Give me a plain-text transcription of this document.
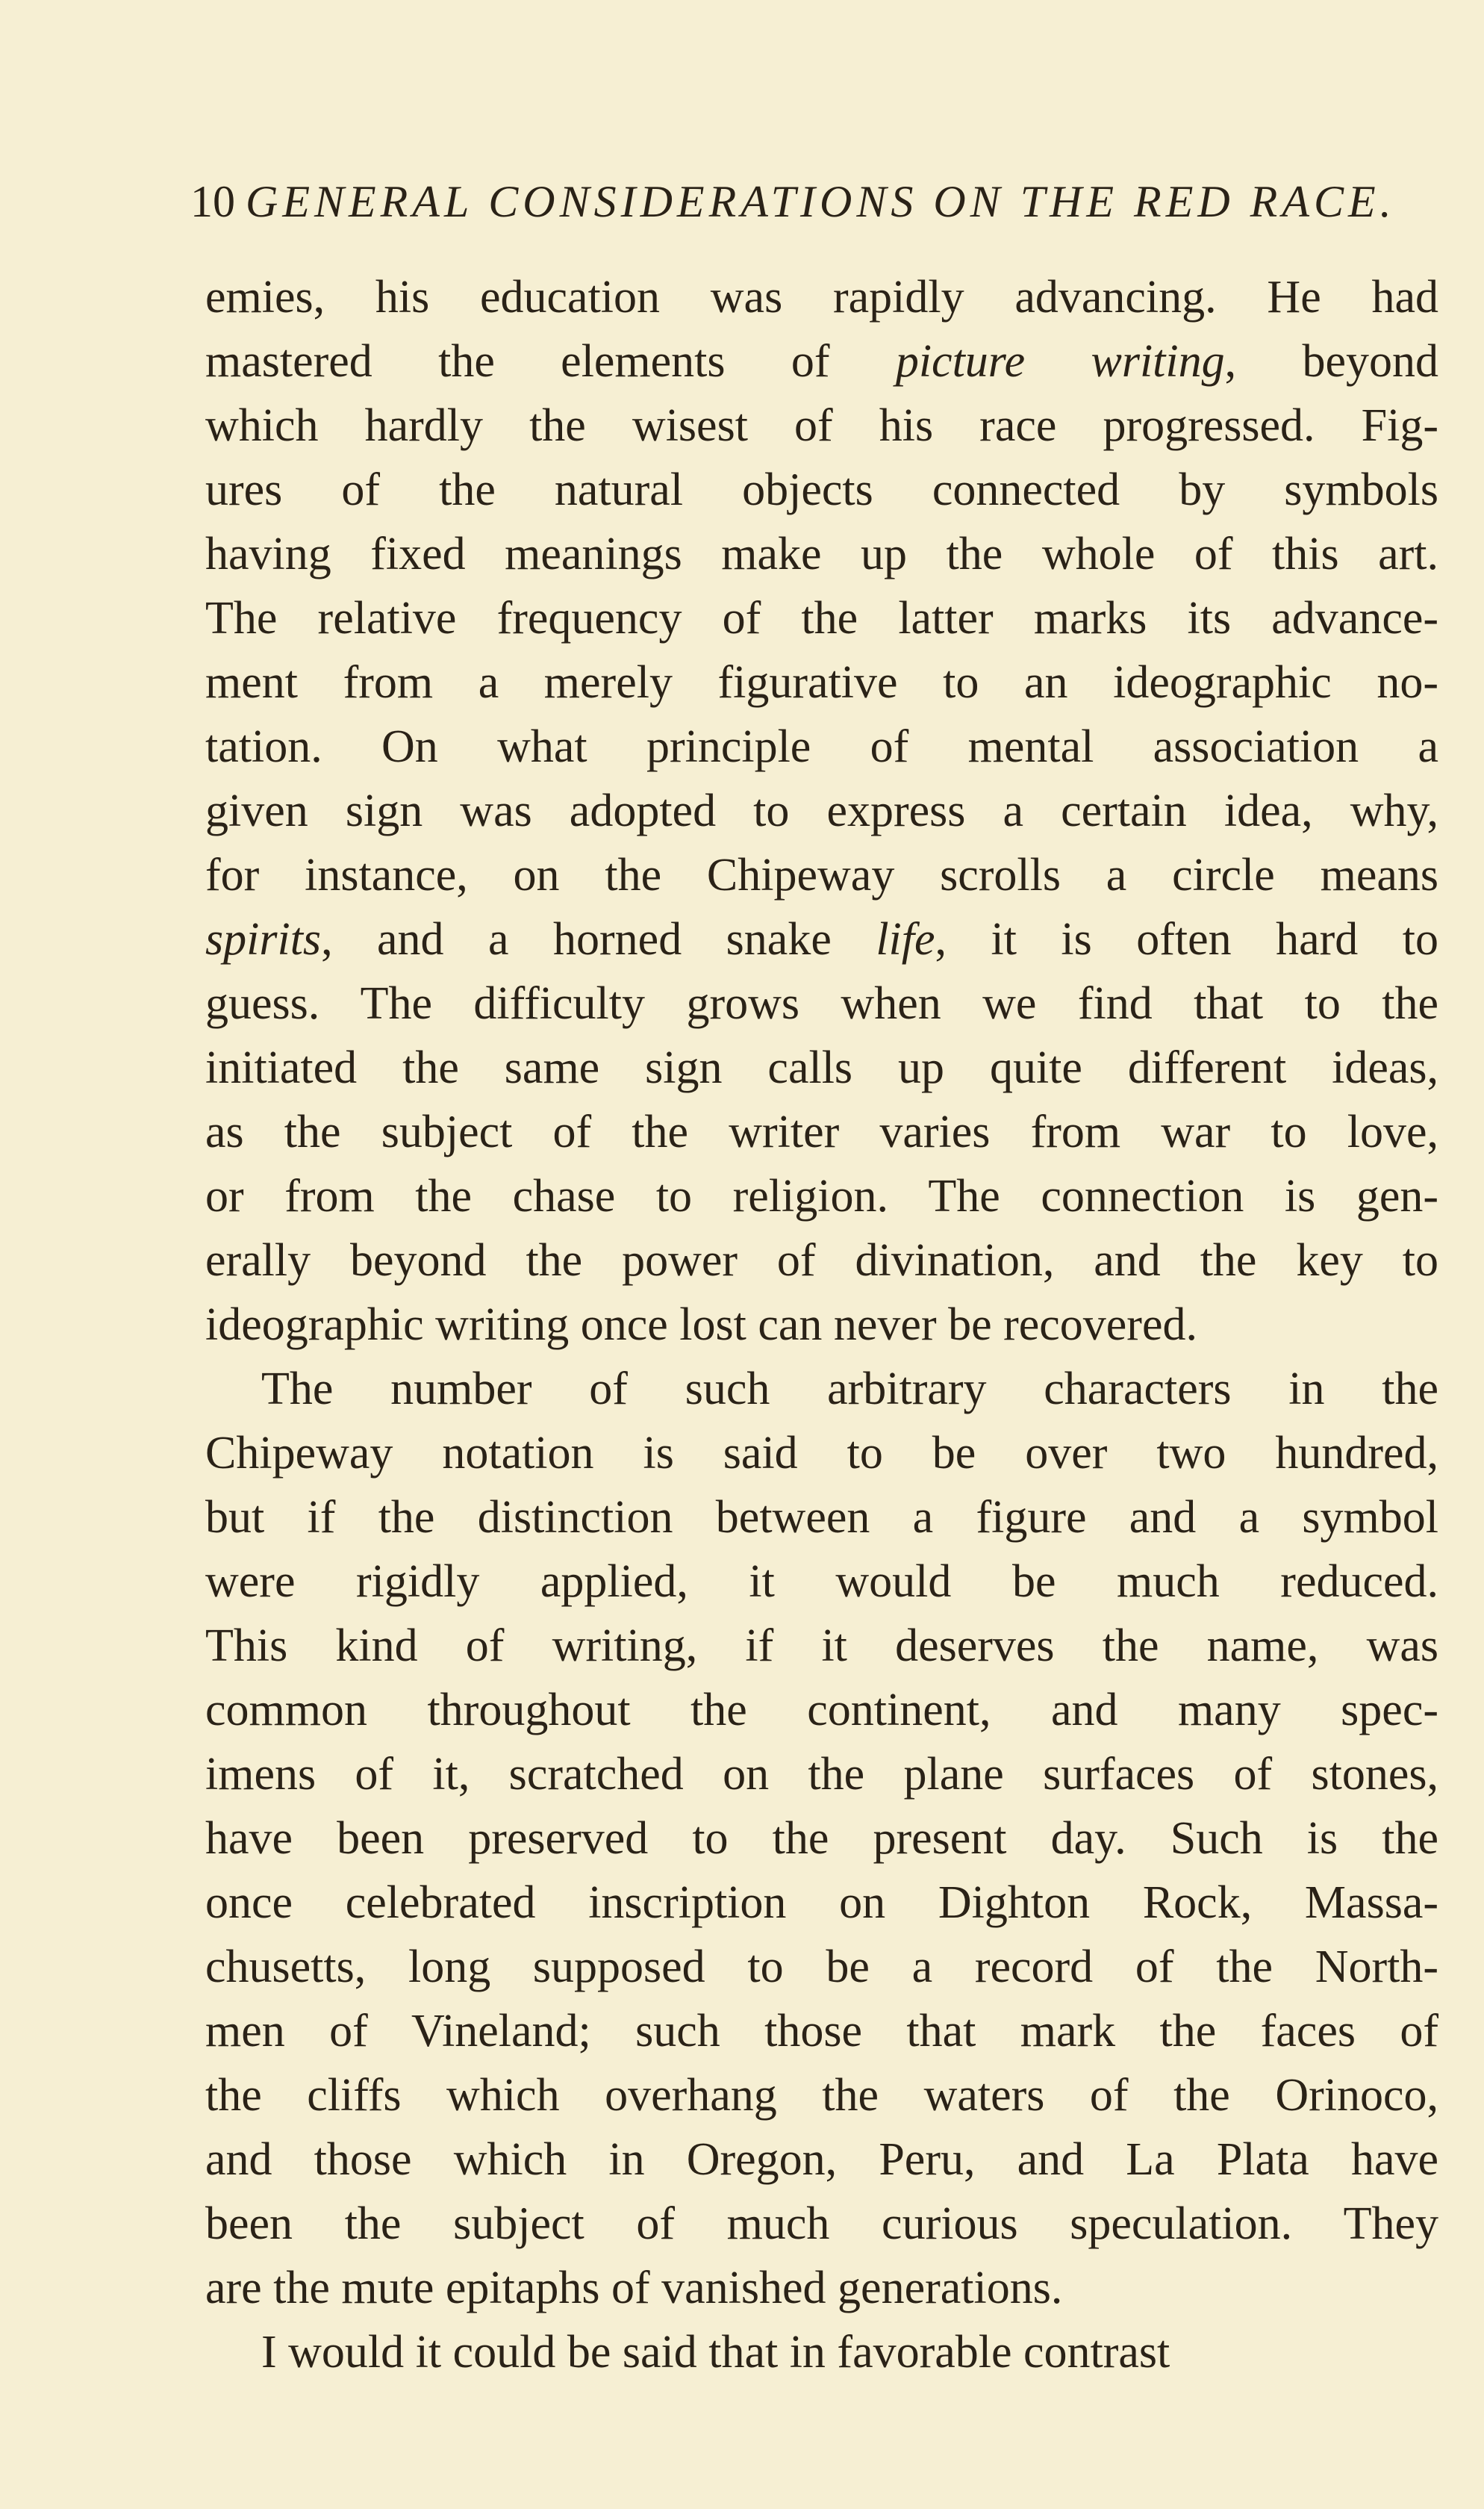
10 GENERAL CONSIDERATIONS ON THE RED RACE.
emies, his education was rapidly advancing. He had
mastered the elements of picture writing, beyond
which hardly the wisest of his race progressed. Fig-
ures of the natural objects connected by symbols
having fixed meanings make up the whole of this art.
The relative frequency of the latter marks its advance-
ment from a merely figurative to an ideographic no-
tation. On what principle of mental association a
given sign was adopted to express a certain idea, why,
for instance, on the Chipeway scrolls a circle means
spirits, and a horned snake life, it is often hard to
guess. The difficulty grows when we find that to the
initiated the same sign calls up quite different ideas,
as the subject of the writer varies from war to love,
or from the chase to religion. The connection is gen-
erally beyond the power of divination, and the key to
ideographic writing once lost can never be recovered.
The number of such arbitrary characters in the
Chipeway notation is said to be over two hundred,
but if the distinction between a figure and a symbol
were rigidly applied, it would be much reduced.
This kind of writing, if it deserves the name, was
common throughout the continent, and many spec-
imens of it, scratched on the plane surfaces of stones,
have been preserved to the present day. Such is the
once celebrated inscription on Dighton Rock, Massa-
chusetts, long supposed to be a record of the North-
men of Vineland; such those that mark the faces of
the cliffs which overhang the waters of the Orinoco,
and those which in Oregon, Peru, and La Plata have
been the subject of much curious speculation. They
are the mute epitaphs of vanished generations.
I would it could be said that in favorable contrast
